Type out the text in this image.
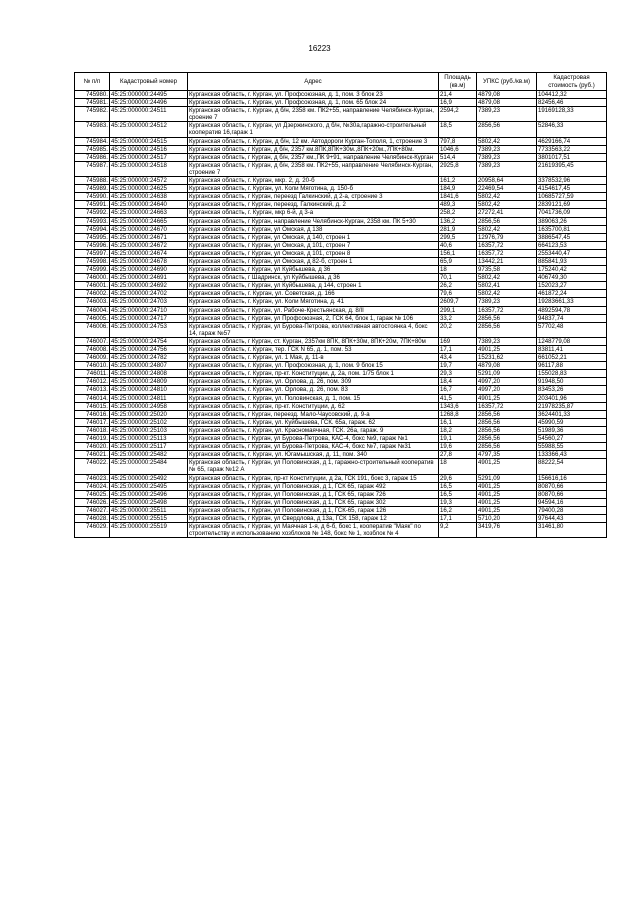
16223
№ п/п	Кадастровый номер	Адрес	Площадь (кв.м)	УПКС (руб./кв.м)	Кадастровая стоимость (руб.)
745980.	45:25:000000:24495	Курганская область, г. Курган, ул. Профсоюзная, д. 1, пом. 3 блок 23	21,4	4879,08	104412,32
745981.	45:25:000000:24496	Курганская область, г. Курган, ул. Профсоюзная, д. 1, пом. 65 блок 24	16,9	4879,08	82456,46
745982.	45:25:000000:24511	Курганская область, г. Курган, д б/н, 2358 км. ПК2+55, направление Челябинск-Курган, сроение 7	2594,2	7389,23	19169128,33
745983.	45:25:000000:24512	Курганская область, г. Курган, ул Дзержинского, д б/н, №30а,гаражно-строительный кооператив 16,гараж 1	18,5	2856,56	52846,33
745984.	45:25:000000:24515	Курганская область, г. Курган, д б/н, 12 км. Автодороги Курган-Тополя, 1, строение 3	797,8	5802,42	4629166,74
745985.	45:25:000000:24516	Курганская область, г Курган, д б/н, 2357 км.8ПК,8ПК+30м.,8ПК+20м.,7ПК+80м.	1046,6	7389,23	7733563,22
745986.	45:25:000000:24517	Курганская область, г Курган, д б/н, 2357 км.,ПК 9+91, направление Челябинск-Курган	514,4	7389,23	3801017,51
745987.	45:25:000000:24518	Курганская область, г Курган, д б/н, 2358 км. ПК2+55, направление Челябинск-Курган, строение 7	2925,8	7389,23	21619395,45
745988.	45:25:000000:24572	Курганская область, г. Курган, мкр. 2, д. 20-б	161,2	20958,64	3378532,96
745989.	45:25:000000:24625	Курганская область, г. Курган, ул. Коли Мяготина, д. 150-б	184,9	22469,54	4154617,45
745990.	45:25:000000:24638	Курганская область, г Курган, переезд Галкинский, д 2-а, строение 3	1841,6	5802,42	10685727,59
745991.	45:25:000000:24640	Курганская область, г Курган, переезд, Галкинский, д. 2	489,3	5802,42	2839121,69
745992.	45:25:000000:24663	Курганская область, г. Курган, мкр 6-й, д 3-а	258,2	27272,41	7041736,09
745993.	45:25:000000:24665	Курганская область, г Курган, направление Челябинск-Курган, 2358 км. ПК 5+30	136,2	2856,56	389063,26
745994.	45:25:000000:24670	Курганская область, г Курган, ул Омская, д 138	281,9	5802,42	1635700,81
745995.	45:25:000000:24671	Курганская область, г Курган, ул Омская, д 140, строен 1	299,5	12976,79	3886547,45
745996.	45:25:000000:24672	Курганская область, г Курган, ул Омская, д 101, строен 7	40,6	16357,72	664123,53
745997.	45:25:000000:24674	Курганская область, г Курган, ул Омская, д 101, строен 8	156,1	16357,72	2553440,47
745998.	45:25:000000:24678	Курганская область, г Курган, ул Омская, д 82-б, строен 1	65,9	13442,21	885841,93
745999.	45:25:000000:24690	Курганская область, г Курган, ул Куйбышева, д 36	18	9735,58	175240,42
746000.	45:25:000000:24691	Курганская область, г Шадринск, ул Куйбышева, д 36	70,1	5802,42	406749,30
746001.	45:25:000000:24692	Курганская область, г Курган, ул Куйбышева, д 144, строен 1	26,2	5802,41	152023,27
746002.	45:25:000000:24702	Курганская область, г. Курган, ул. Советская, д. 166	79,6	5802,42	461872,24
746003.	45:25:000000:24703	Курганская область, г. Курган, ул. Коли Мяготина, д. 41	2609,7	7389,23	19283661,33
746004.	45:25:000000:24710	Курганская область, г Курган, ул. Рабоче-Крестьянская, д. 8/II	299,1	16357,72	4892594,78
746005.	45:25:000000:24717	Курганская область, г Курган, ул Профсоюзная, 2, ГСК 64, блок 1, гараж № 106	33,2	2856,56	94837,74
746006.	45:25:000000:24753	Курганская область, г Курган, ул Бурова-Петрова, коллективная автостоянка 4, бокс 14, гараж №57	20,2	2856,56	57702,48
746007.	45:25:000000:24754	Курганская область, г Курган, ст. Курган, 2357км 8ПК, 8ПК+30м, 8ПК+20м, 7ПК+80м	169	7389,23	1248779,08
746008.	45:25:000000:24756	Курганская область, г. Курган, тер. ГСК N 65, д. 1, пом. 53	17,1	4901,25	83811,41
746009.	45:25:000000:24782	Курганская область, г. Курган, ул. 1 Мая, д. 11-в	43,4	15231,62	661052,21
746010.	45:25:000000:24807	Курганская область, г. Курган, ул. Профсоюзная, д. 1, пом. 9 блок 15	19,7	4879,08	96117,88
746011.	45:25:000000:24808	Курганская область, г. Курган, пр-кт. Конституции, д. 2а, пом. 1/75 блок 1	29,3	5291,09	155028,83
746012.	45:25:000000:24809	Курганская область, г. Курган, ул. Орлова, д. 26, пом. 309	18,4	4997,20	91948,50
746013.	45:25:000000:24810	Курганская область, г. Курган, ул. Орлова, д. 26, пом. 83	16,7	4997,20	83453,26
746014.	45:25:000000:24811	Курганская область, г. Курган, ул. Половинская, д. 1, пом. 15	41,5	4901,25	203401,96
746015.	45:25:000000:24958	Курганская область, г. Курган, пр-кт. Конституции, д. 62	1343,6	16357,72	21978235,87
746016.	45:25:000000:25020	Курганская область, г Курган, переезд. Мало-Чаусовский, д. 9-а	1268,8	2856,56	3624401,33
746017.	45:25:000000:25102	Курганская область, г. Курган, ул. Куйбышева, ГСК. 65а, гараж. 62	16,1	2856,56	45990,59
746018.	45:25:000000:25103	Курганская область, г. Курган, ул. Красномаячная, ГСК. 26а, гараж. 9	18,2	2856,56	51989,36
746019.	45:25:000000:25113	Курганская область, г Курган, ул Бурова-Петрова, КАС-4, бокс №9, гараж №1	19,1	2856,56	54560,27
746020.	45:25:000000:25117	Курганская область, г Курган, ул Бурова-Петрова, КАС-4, бокс №7, гараж №31	19,6	2856,56	55988,55
746021.	45:25:000000:25482	Курганская область, г. Курган, ул. Югамышская, д. 11, пом. 340	27,8	4797,35	133366,43
746022.	45:25:000000:25484	Курганская область, г Курган, ул Половинская, д 1, гаражно-строительный кооператив № 65, гараж №12 А	18	4901,25	88222,54
746023.	45:25:000000:25492	Курганская область, г Курган, пр-кт Конституции, д 2а, ГСК 191, бокс 3, гараж 15	29,6	5291,09	156616,16
746024.	45:25:000000:25495	Курганская область, г Курган, ул Половинская, д 1, ГСК 65, гараж 492	16,5	4901,25	80870,66
746025.	45:25:000000:25496	Курганская область, г Курган, ул Половинская, д 1, ГСК 65, гараж 726	16,5	4901,25	80870,66
746026.	45:25:000000:25498	Курганская область, г Курган, ул Половинская, д 1, ГСК 65, гараж 302	19,3	4901,25	94594,16
746027.	45:25:000000:25511	Курганская область, г Курган, ул Половинская, д 1, ГСК-65, гараж 126	16,2	4901,25	79400,28
746028.	45:25:000000:25515	Курганская область, г Курган, ул Свердлова, д 13а, ГСК 158, гараж 12	17,1	5710,20	97644,43
746029.	45:25:000000:25519	Курганская область, г Курган, ул Маячная 1-я, д 6-б, бокс 1, кооператив "Маяк" по строительству и использованию хозблоков № 148, бокс № 1, хозблок № 4	9,2	3419,76	31461,80
